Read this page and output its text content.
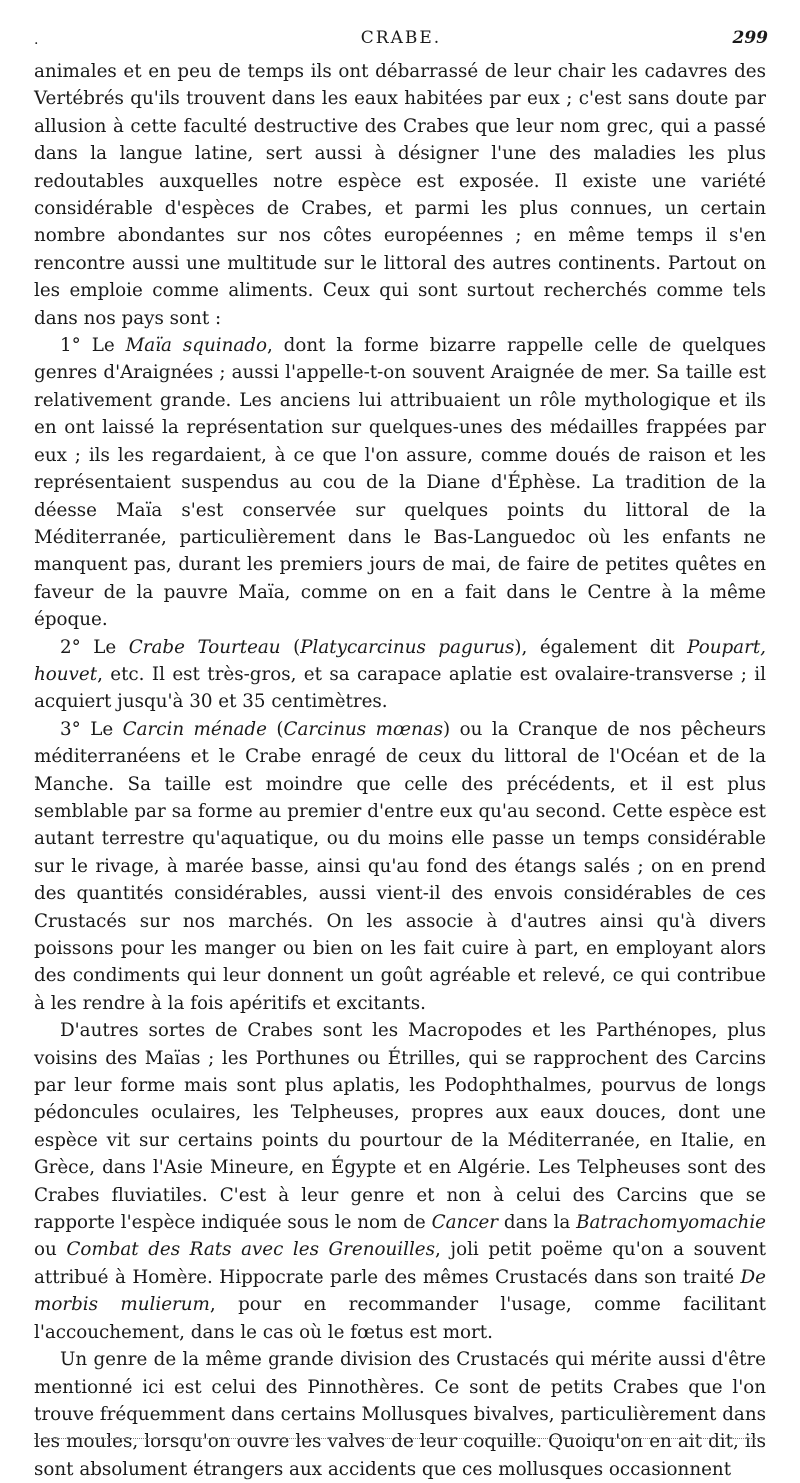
.	CRABE.	299

animales et en peu de temps ils ont débarrassé de leur chair les cadavres des Vertébrés qu'ils trouvent dans les eaux habitées par eux ; c'est sans doute par allusion à cette faculté destructive des Crabes que leur nom grec, qui a passé dans la langue latine, sert aussi à désigner l'une des maladies les plus redoutables auxquelles notre espèce est exposée. Il existe une variété considérable d'espèces de Crabes, et parmi les plus connues, un certain nombre abondantes sur nos côtes européennes ; en même temps il s'en rencontre aussi une multitude sur le littoral des autres continents. Partout on les emploie comme aliments. Ceux qui sont surtout recherchés comme tels dans nos pays sont :

1° Le Maïa squinado, dont la forme bizarre rappelle celle de quelques genres d'Araignées ; aussi l'appelle-t-on souvent Araignée de mer. Sa taille est relativement grande. Les anciens lui attribuaient un rôle mythologique et ils en ont laissé la représentation sur quelques-unes des médailles frappées par eux ; ils les regardaient, à ce que l'on assure, comme doués de raison et les représentaient suspendus au cou de la Diane d'Éphèse. La tradition de la déesse Maïa s'est conservée sur quelques points du littoral de la Méditerranée, particulièrement dans le Bas-Languedoc où les enfants ne manquent pas, durant les premiers jours de mai, de faire de petites quêtes en faveur de la pauvre Maïa, comme on en a fait dans le Centre à la même époque.

2° Le Crabe Tourteau (Platycarcinus pagurus), également dit Poupart, houvet, etc. Il est très-gros, et sa carapace aplatie est ovalaire-transverse ; il acquiert jusqu'à 30 et 35 centimètres.

3° Le Carcin ménade (Carcinus mœnas) ou la Cranque de nos pêcheurs méditerranéens et le Crabe enragé de ceux du littoral de l'Océan et de la Manche. Sa taille est moindre que celle des précédents, et il est plus semblable par sa forme au premier d'entre eux qu'au second. Cette espèce est autant terrestre qu'aquatique, ou du moins elle passe un temps considérable sur le rivage, à marée basse, ainsi qu'au fond des étangs salés ; on en prend des quantités considérables, aussi vient-il des envois considérables de ces Crustacés sur nos marchés. On les associe à d'autres ainsi qu'à divers poissons pour les manger ou bien on les fait cuire à part, en employant alors des condiments qui leur donnent un goût agréable et relevé, ce qui contribue à les rendre à la fois apéritifs et excitants.

D'autres sortes de Crabes sont les Macropodes et les Parthénopes, plus voisins des Maïas ; les Porthunes ou Étrilles, qui se rapprochent des Carcins par leur forme mais sont plus aplatis, les Podophthalmes, pourvus de longs pédoncules oculaires, les Telpheuses, propres aux eaux douces, dont une espèce vit sur certains points du pourtour de la Méditerranée, en Italie, en Grèce, dans l'Asie Mineure, en Égypte et en Algérie. Les Telpheuses sont des Crabes fluviatiles. C'est à leur genre et non à celui des Carcins que se rapporte l'espèce indiquée sous le nom de Cancer dans la Batrachomyomachie ou Combat des Rats avec les Grenouilles, joli petit poëme qu'on a souvent attribué à Homère. Hippocrate parle des mêmes Crustacés dans son traité De morbis mulierum, pour en recommander l'usage, comme facilitant l'accouchement, dans le cas où le fœtus est mort.

Un genre de la même grande division des Crustacés qui mérite aussi d'être mentionné ici est celui des Pinnothères. Ce sont de petits Crabes que l'on trouve fréquemment dans certains Mollusques bivalves, particulièrement dans les moules, lorsqu'on ouvre les valves de leur coquille. Quoiqu'on en ait dit, ils sont absolument étrangers aux accidents que ces mollusques occasionnent
